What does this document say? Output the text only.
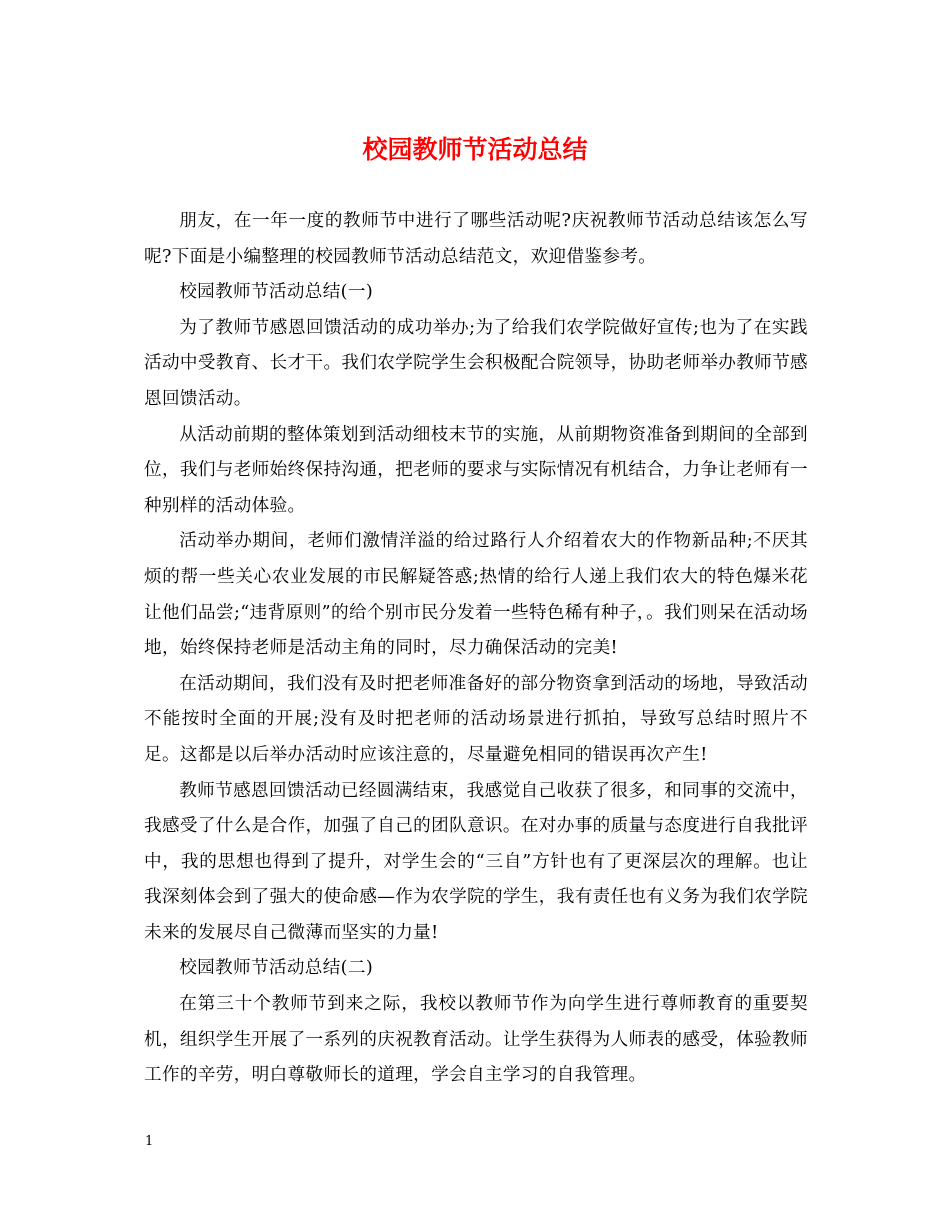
校园教师节活动总结

朋友，在一年一度的教师节中进行了哪些活动呢?庆祝教师节活动总结该怎么写呢?下面是小编整理的校园教师节活动总结范文，欢迎借鉴参考。

校园教师节活动总结(一)

为了教师节感恩回馈活动的成功举办;为了给我们农学院做好宣传;也为了在实践活动中受教育、长才干。我们农学院学生会积极配合院领导，协助老师举办教师节感恩回馈活动。

从活动前期的整体策划到活动细枝末节的实施，从前期物资准备到期间的全部到位，我们与老师始终保持沟通，把老师的要求与实际情况有机结合，力争让老师有一种别样的活动体验。

活动举办期间，老师们激情洋溢的给过路行人介绍着农大的作物新品种;不厌其烦的帮一些关心农业发展的市民解疑答惑;热情的给行人递上我们农大的特色爆米花让他们品尝;“违背原则”的给个别市民分发着一些特色稀有种子，。我们则呆在活动场地，始终保持老师是活动主角的同时，尽力确保活动的完美!

在活动期间，我们没有及时把老师准备好的部分物资拿到活动的场地，导致活动不能按时全面的开展;没有及时把老师的活动场景进行抓拍，导致写总结时照片不足。这都是以后举办活动时应该注意的，尽量避免相同的错误再次产生!

教师节感恩回馈活动已经圆满结束，我感觉自己收获了很多，和同事的交流中，我感受了什么是合作，加强了自己的团队意识。在对办事的质量与态度进行自我批评中，我的思想也得到了提升，对学生会的“三自”方针也有了更深层次的理解。也让我深刻体会到了强大的使命感—作为农学院的学生，我有责任也有义务为我们农学院未来的发展尽自己微薄而坚实的力量!

校园教师节活动总结(二)

在第三十个教师节到来之际，我校以教师节作为向学生进行尊师教育的重要契机，组织学生开展了一系列的庆祝教育活动。让学生获得为人师表的感受，体验教师工作的辛劳，明白尊敬师长的道理，学会自主学习的自我管理。

1
